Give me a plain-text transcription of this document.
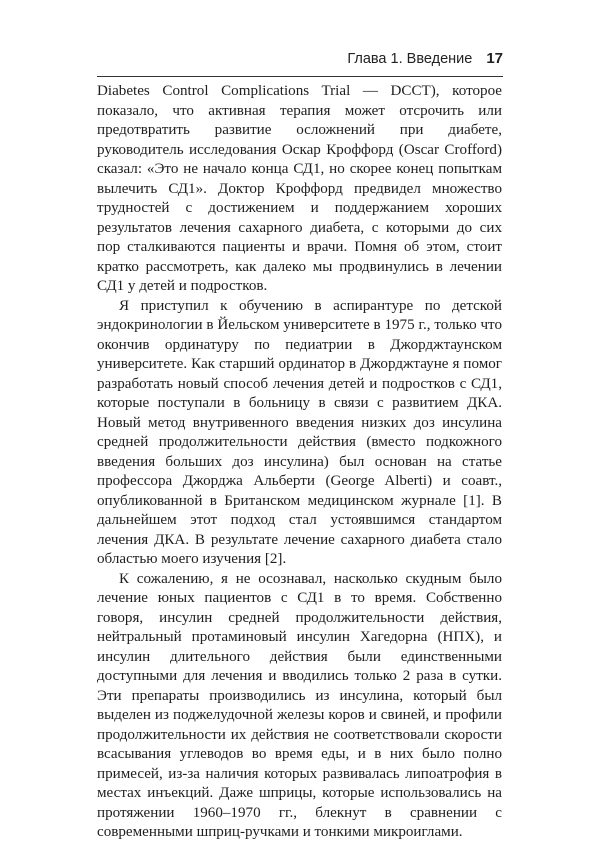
Глава 1. Введение 17

Diabetes Control Complications Trial — DCCT), которое показало, что активная терапия может отсрочить или предотвратить развитие осложнений при диабете, руководитель исследования Оскар Кроффорд (Oscar Crofford) сказал: «Это не начало конца СД1, но скорее конец попыткам вылечить СД1». Доктор Кроффорд предвидел множество трудностей с достижением и поддержанием хороших результатов лечения сахарного диабета, с которыми до сих пор сталкиваются пациенты и врачи. Помня об этом, стоит кратко рассмотреть, как далеко мы продвинулись в лечении СД1 у детей и подростков.

Я приступил к обучению в аспирантуре по детской эндокринологии в Йельском университете в 1975 г., только что окончив ординатуру по педиатрии в Джорджтаунском университете. Как старший ординатор в Джорджтауне я помог разработать новый способ лечения детей и подростков с СД1, которые поступали в больницу в связи с развитием ДКА. Новый метод внутривенного введения низких доз инсулина средней продолжительности действия (вместо подкожного введения больших доз инсулина) был основан на статье профессора Джорджа Альберти (George Alberti) и соавт., опубликованной в Британском медицинском журнале [1]. В дальнейшем этот подход стал устоявшимся стандартом лечения ДКА. В результате лечение сахарного диабета стало областью моего изучения [2].

К сожалению, я не осознавал, насколько скудным было лечение юных пациентов с СД1 в то время. Собственно говоря, инсулин средней продолжительности действия, нейтральный протаминовый инсулин Хагедорна (НПХ), и инсулин длительного действия были единственными доступными для лечения и вводились только 2 раза в сутки. Эти препараты производились из инсулина, который был выделен из поджелудочной железы коров и свиней, и профили продолжительности их действия не соответствовали скорости всасывания углеводов во время еды, и в них было полно примесей, из-за наличия которых развивалась липоатрофия в местах инъекций. Даже шприцы, которые использовались на протяжении 1960–1970 гг., блекнут в сравнении с современными шприц-ручками и тонкими микроиглами.
